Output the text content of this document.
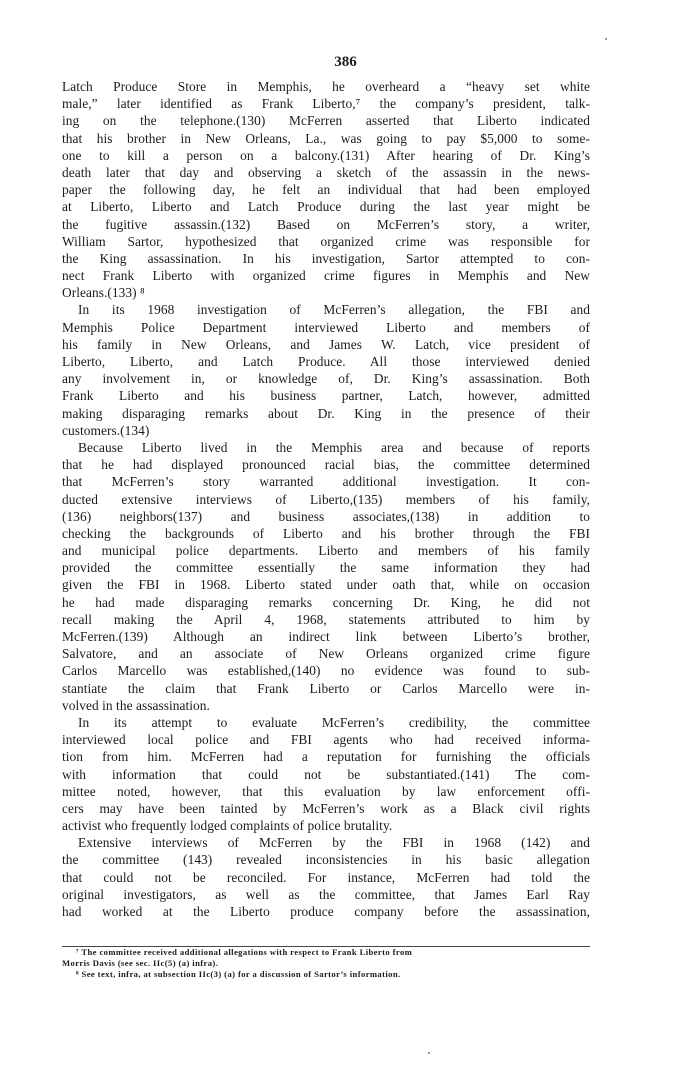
386
Latch Produce Store in Memphis, he overheard a “heavy set white
male,” later identified as Frank Liberto,⁷ the company’s president, talk-
ing on the telephone.(130) McFerren asserted that Liberto indicated
that his brother in New Orleans, La., was going to pay $5,000 to some-
one to kill a person on a balcony.(131) After hearing of Dr. King’s
death later that day and observing a sketch of the assassin in the news-
paper the following day, he felt an individual that had been employed
at Liberto, Liberto and Latch Produce during the last year might be
the fugitive assassin.(132) Based on McFerren’s story, a writer,
William Sartor, hypothesized that organized crime was responsible for
the King assassination. In his investigation, Sartor attempted to con-
nect Frank Liberto with organized crime figures in Memphis and New
Orleans.(133) ⁸
In its 1968 investigation of McFerren’s allegation, the FBI and
Memphis Police Department interviewed Liberto and members of
his family in New Orleans, and James W. Latch, vice president of
Liberto, Liberto, and Latch Produce. All those interviewed denied
any involvement in, or knowledge of, Dr. King’s assassination. Both
Frank Liberto and his business partner, Latch, however, admitted
making disparaging remarks about Dr. King in the presence of their
customers.(134)
Because Liberto lived in the Memphis area and because of reports
that he had displayed pronounced racial bias, the committee determined
that McFerren’s story warranted additional investigation. It con-
ducted extensive interviews of Liberto,(135) members of his family,
(136) neighbors(137) and business associates,(138) in addition to
checking the backgrounds of Liberto and his brother through the FBI
and municipal police departments. Liberto and members of his family
provided the committee essentially the same information they had
given the FBI in 1968. Liberto stated under oath that, while on occasion
he had made disparaging remarks concerning Dr. King, he did not
recall making the April 4, 1968, statements attributed to him by
McFerren.(139) Although an indirect link between Liberto’s brother,
Salvatore, and an associate of New Orleans organized crime figure
Carlos Marcello was established,(140) no evidence was found to sub-
stantiate the claim that Frank Liberto or Carlos Marcello were in-
volved in the assassination.
In its attempt to evaluate McFerren’s credibility, the committee
interviewed local police and FBI agents who had received informa-
tion from him. McFerren had a reputation for furnishing the officials
with information that could not be substantiated.(141) The com-
mittee noted, however, that this evaluation by law enforcement offi-
cers may have been tainted by McFerren’s work as a Black civil rights
activist who frequently lodged complaints of police brutality.
Extensive interviews of McFerren by the FBI in 1968 (142) and
the committee (143) revealed inconsistencies in his basic allegation
that could not be reconciled. For instance, McFerren had told the
original investigators, as well as the committee, that James Earl Ray
had worked at the Liberto produce company before the assassination,
⁷ The committee received additional allegations with respect to Frank Liberto from
Morris Davis (see sec. IIc(5) (a) infra).
⁸ See text, infra, at subsection IIc(3) (a) for a discussion of Sartor’s information.
